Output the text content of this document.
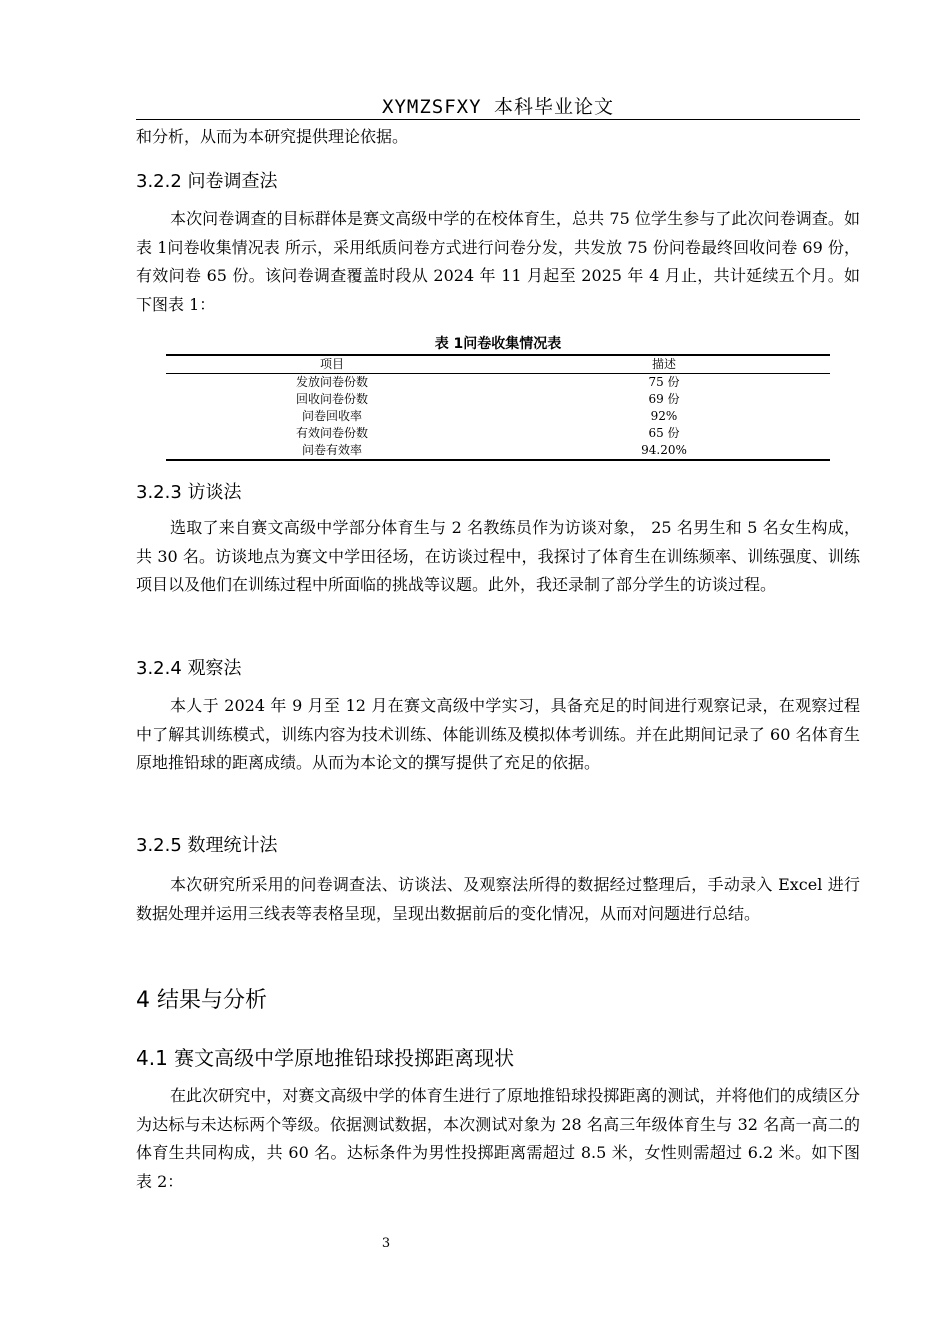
XYMZSFXY 本科毕业论文
和分析，从而为本研究提供理论依据。
3.2.2 问卷调查法
本次问卷调查的目标群体是赛文高级中学的在校体育生，总共 75 位学生参与了此次问卷调查。如表 1问卷收集情况表 所示，采用纸质问卷方式进行问卷分发，共发放 75 份问卷最终回收问卷 69 份，有效问卷 65 份。该问卷调查覆盖时段从 2024 年 11 月起至 2025 年 4 月止，共计延续五个月。如下图表 1：
表 1问卷收集情况表
项目	描述
发放问卷份数	75 份
回收问卷份数	69 份
问卷回收率	92%
有效问卷份数	65 份
问卷有效率	94.20%
3.2.3 访谈法
选取了来自赛文高级中学部分体育生与 2 名教练员作为访谈对象， 25 名男生和 5 名女生构成，共 30 名。访谈地点为赛文中学田径场，在访谈过程中，我探讨了体育生在训练频率、训练强度、训练项目以及他们在训练过程中所面临的挑战等议题。此外，我还录制了部分学生的访谈过程。
3.2.4 观察法
本人于 2024 年 9 月至 12 月在赛文高级中学实习，具备充足的时间进行观察记录，在观察过程中了解其训练模式，训练内容为技术训练、体能训练及模拟体考训练。并在此期间记录了 60 名体育生原地推铅球的距离成绩。从而为本论文的撰写提供了充足的依据。
3.2.5 数理统计法
本次研究所采用的问卷调查法、访谈法、及观察法所得的数据经过整理后，手动录入 Excel 进行数据处理并运用三线表等表格呈现，呈现出数据前后的变化情况，从而对问题进行总结。
4 结果与分析
4.1 赛文高级中学原地推铅球投掷距离现状
在此次研究中，对赛文高级中学的体育生进行了原地推铅球投掷距离的测试，并将他们的成绩区分为达标与未达标两个等级。依据测试数据，本次测试对象为 28 名高三年级体育生与 32 名高一高二的体育生共同构成，共 60 名。达标条件为男性投掷距离需超过 8.5 米，女性则需超过 6.2 米。如下图表 2：
3
